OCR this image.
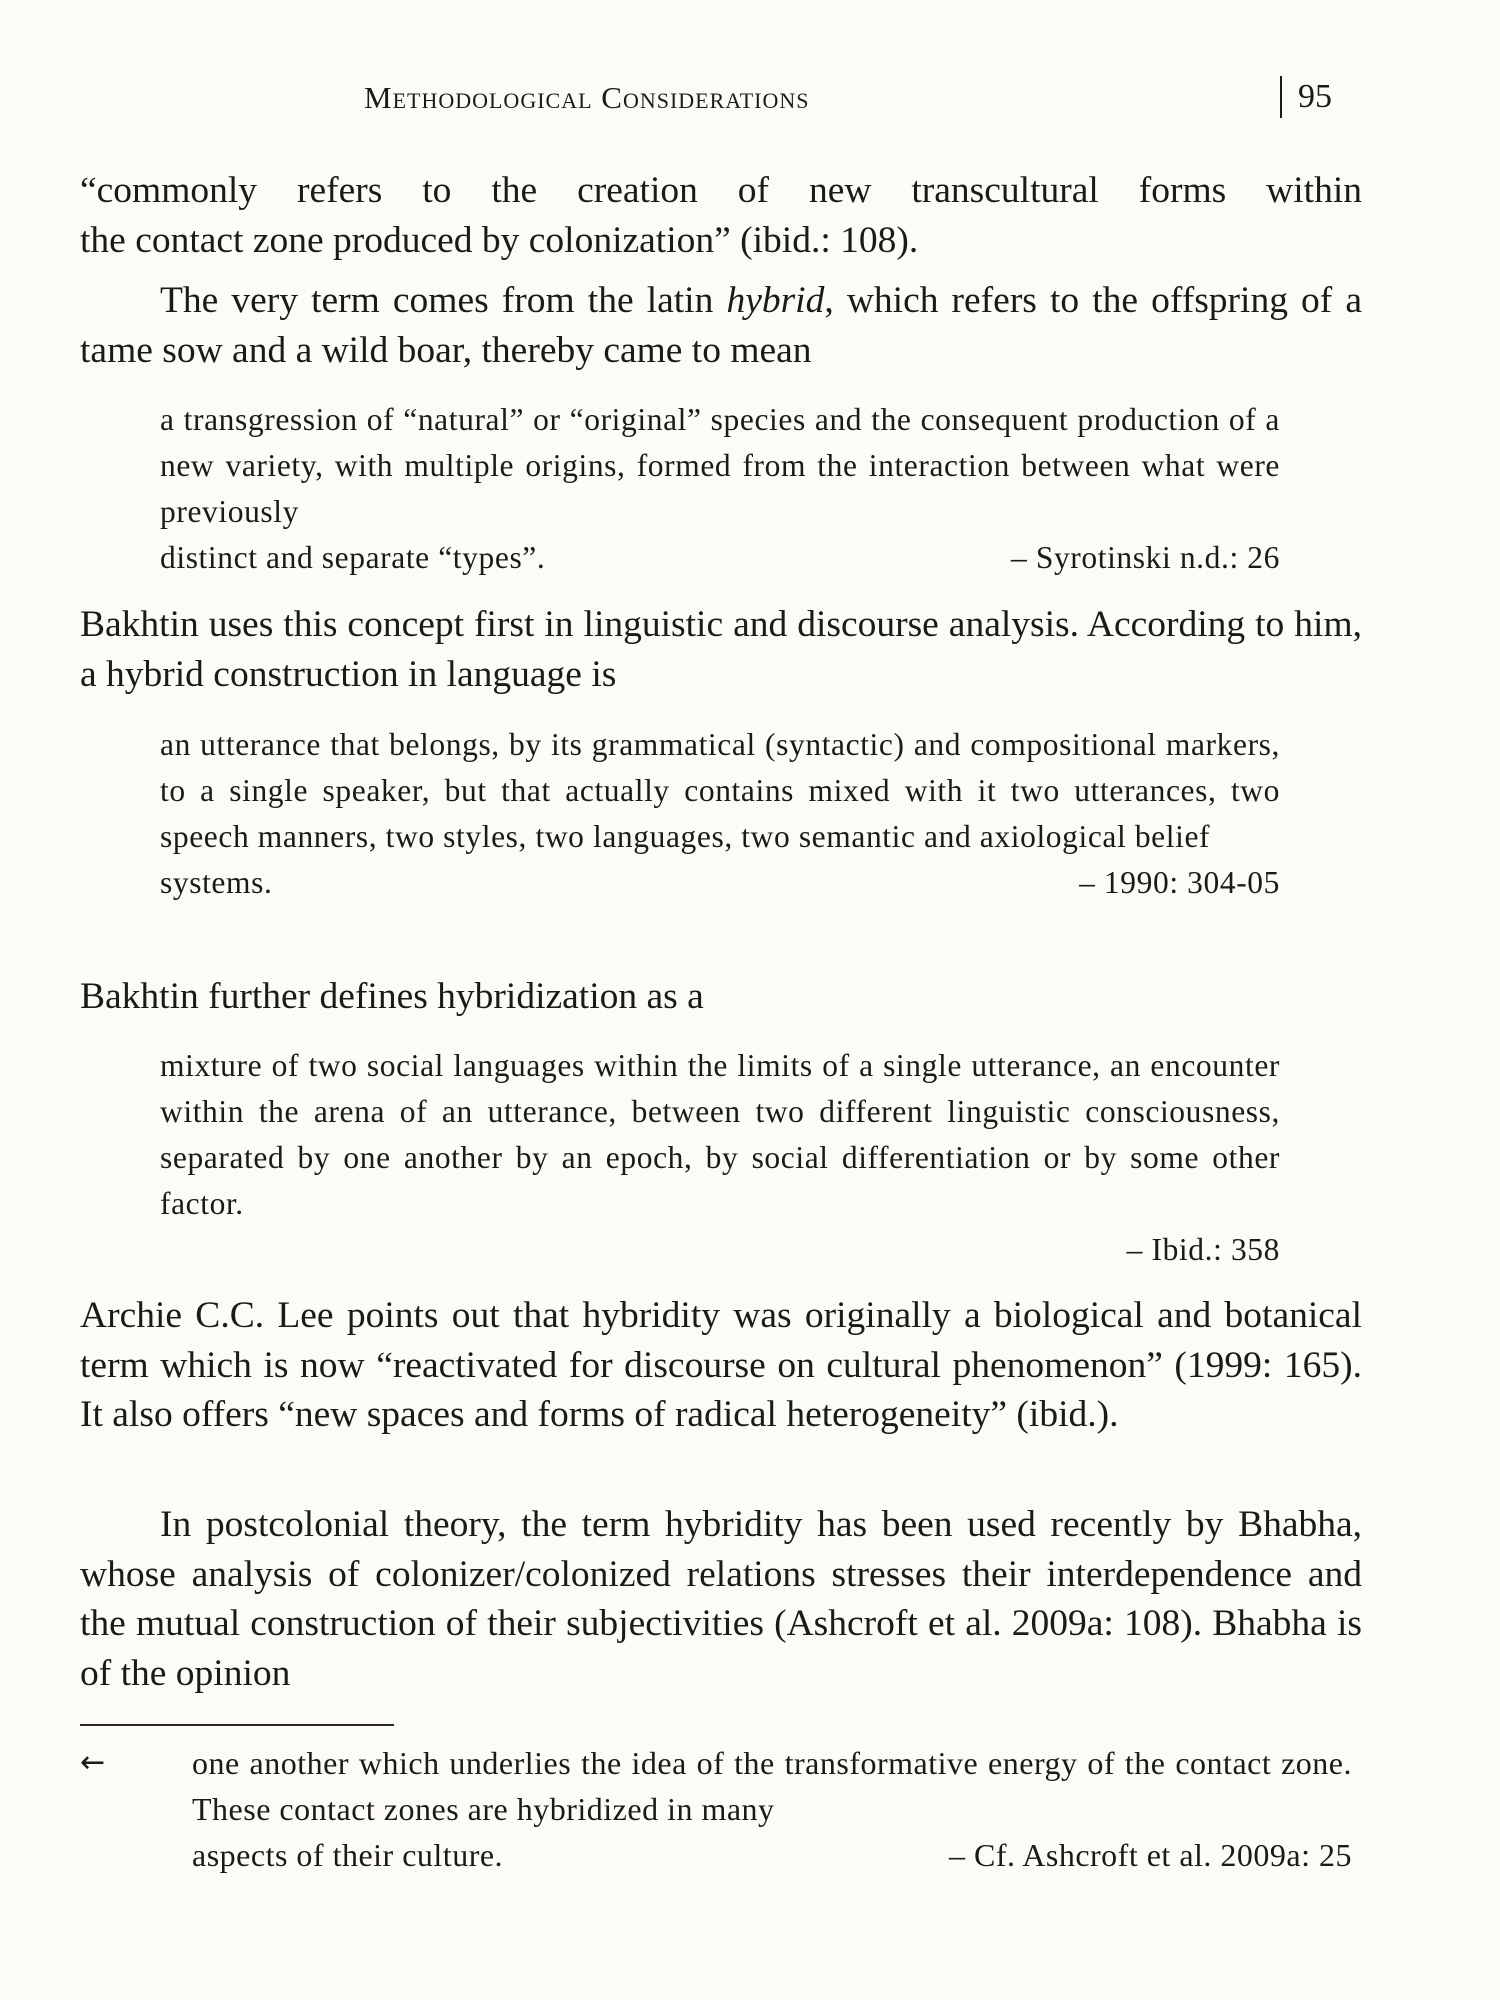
Methodological Considerations	95
“commonly refers to the creation of new transcultural forms within
the contact zone produced by colonization” (ibid.: 108).

The very term comes from the latin hybrid, which refers to the offspring of a tame sow and a wild boar, thereby came to mean

a transgression of “natural” or “original” species and the consequent production of a new variety, with multiple origins, formed from the interaction between what were previously
distinct and separate “types”.	– Syrotinski n.d.: 26

Bakhtin uses this concept first in linguistic and discourse analysis. According to him, a hybrid construction in language is

an utterance that belongs, by its grammatical (syntactic) and compositional markers, to a single speaker, but that actually contains mixed with it two utterances, two speech manners, two styles, two languages, two semantic and axiological belief
systems.	– 1990: 304-05

Bakhtin further defines hybridization as a

mixture of two social languages within the limits of a single utterance, an encounter within the arena of an utterance, between two different linguistic consciousness, separated by one another by an epoch, by social differentiation or by some other factor.
– Ibid.: 358

Archie C.C. Lee points out that hybridity was originally a biological and botanical term which is now “reactivated for discourse on cultural phenomenon” (1999: 165). It also offers “new spaces and forms of radical heterogeneity” (ibid.).

In postcolonial theory, the term hybridity has been used recently by Bhabha, whose analysis of colonizer/colonized relations stresses their interdependence and the mutual construction of their subjectivities (Ashcroft et al. 2009a: 108). Bhabha is of the opinion

←	one another which underlies the idea of the transformative energy of the contact zone. These contact zones are hybridized in many
aspects of their culture.	– Cf. Ashcroft et al. 2009a: 25
